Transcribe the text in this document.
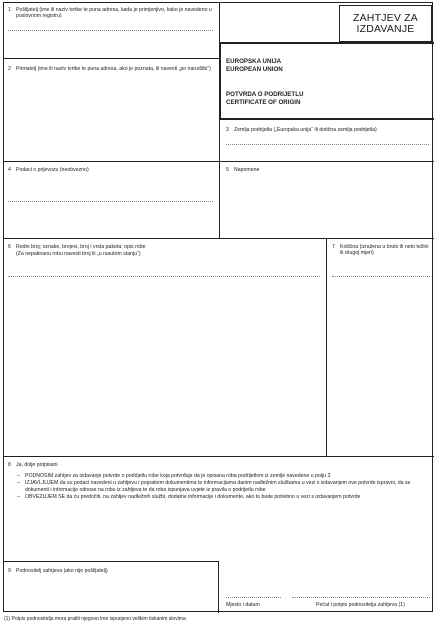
1 Pošiljatelj (ime ili naziv tvrtke te puna adresa, kada je primjenjivo, kako je navedeno u poslovnom registru)	ZAHTJEV ZA
IZDAVANJE
EUROPSKA UNIJA
EUROPEAN UNION
POTVRDA O PODRIJETLU
CERTIFICATE OF ORIGIN
2 Primatelj (ime ili naziv tvrtke te puna adresa, ako je poznata, ili navesti „po narudžbi“)
3 Zemlja podrijetla („Europska unija“ ili dotična zemlja podrijetla)
4 Podaci o prijevozu (neobvezno)	5 Napomene
6 Redni broj; oznake, brojevi, broj i vrsta paketa; opis robe
(Za nepakiranu robu navesti broj ili „u rasutom stanju“)
7 Količina (izražena u bruto ili neto težini ili drugoj mjeri)
8 Ja, dolje potpisani
– PODNOSIM zahtjev za izdavanje potvrde o podrijetlu robe koja potvrđuje da je opisana roba podrijetlom iz zemlje navedene u polju 3
– IZJAVLJUJEM da su podaci navedeni u zahtjevu i popratnim dokumentima te informacijama danim nadležnim službama u vezi s izdavanjem ove potvrde ispravni, da se dokumenti i informacije odnose na robu iz zahtjeva te da roba ispunjava uvjete iz pravila o podrijetlu robe
– OBVEZUJEM SE da ću predočiti, na zahtjev nadležnih službi, dodatne informacije i dokumente, ako to bude potrebno u vezi s izdavanjem potvrde
9 Podnositelj zahtjeva (ako nije pošiljatelj)
Mjesto i datum	Pečat i potpis podnositelja zahtjeva (1)
(1) Potpis podnositelja mora pratiti njegovo ime ispunjeno velikim tiskanim slovima
